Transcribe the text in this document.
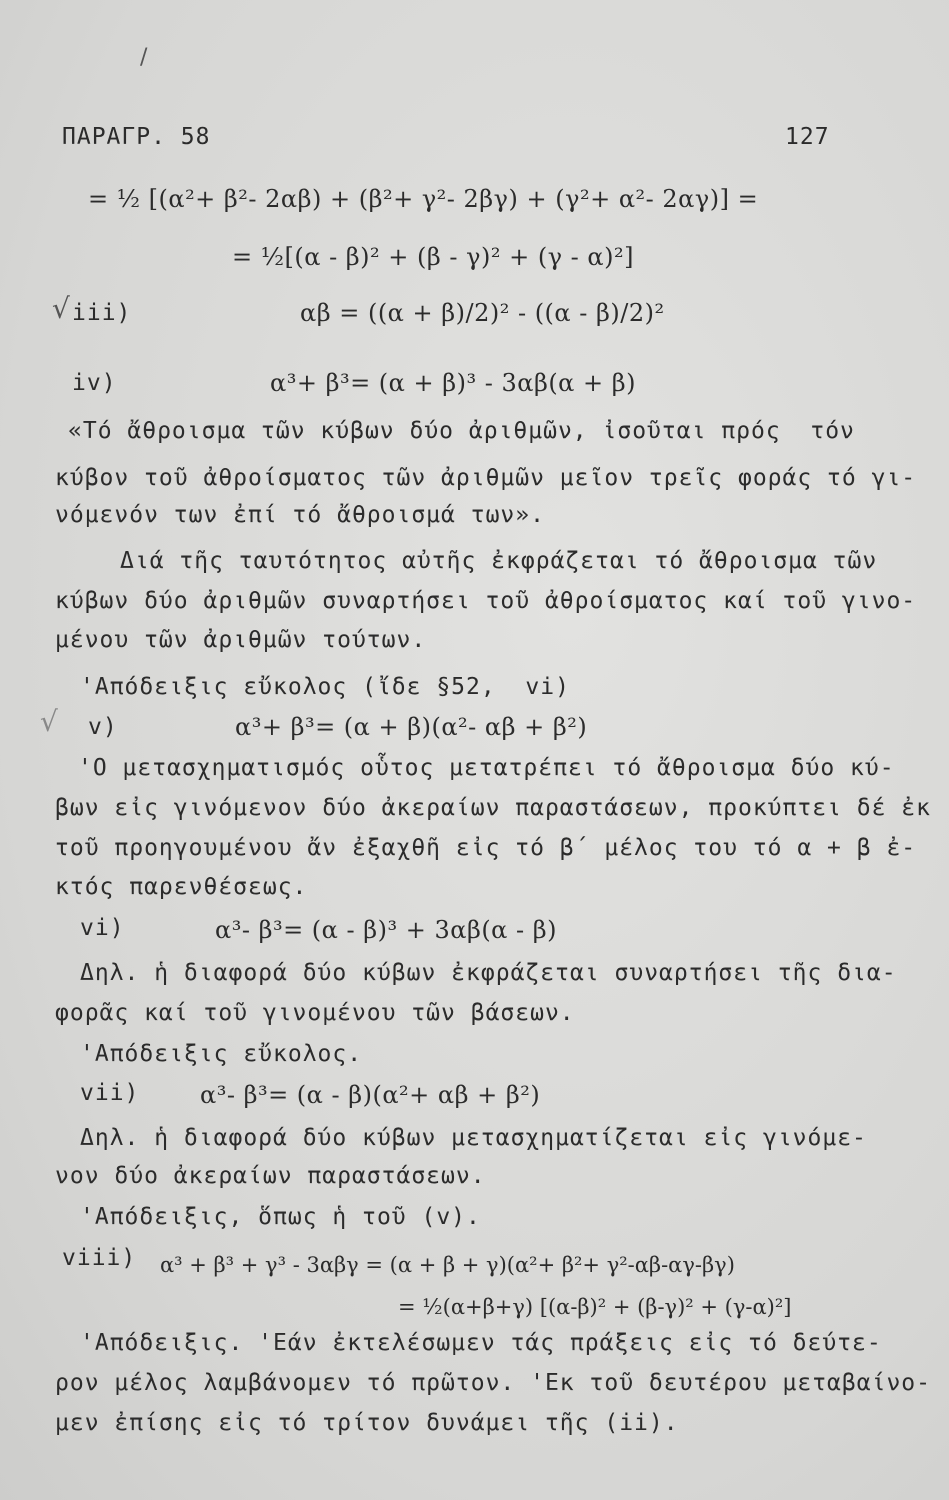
/
ΠΑΡΑΓΡ. 58	127
= ½ [(α²+ β²- 2αβ) + (β²+ γ²- 2βγ) + (γ²+ α²- 2αγ)] =
= ½[(α - β)² + (β - γ)² + (γ - α)²]
√ iii)	αβ = ((α + β)/2)² - ((α - β)/2)²
iv)	α³+ β³= (α + β)³ - 3αβ(α + β)
«Τό ἄθροισμα τῶν κύβων δύο ἀριθμῶν, ἰσοῦται πρός  τόν
κύβον τοῦ ἀθροίσματος τῶν ἀριθμῶν μεῖον τρεῖς φοράς τό γι-
νόμενόν των ἐπί τό ἄθροισμά των».
Διά τῆς ταυτότητος αὐτῆς ἐκφράζεται τό ἄθροισμα τῶν
κύβων δύο ἀριθμῶν συναρτήσει τοῦ ἀθροίσματος καί τοῦ γινο-
μένου τῶν ἀριθμῶν τούτων.
'Απόδειξις εὔκολος (ἴδε §52,  vi)
√ v)	α³+ β³= (α + β)(α²- αβ + β²)
'Ο μετασχηματισμός οὗτος μετατρέπει τό ἄθροισμα δύο κύ-
βων εἰς γινόμενον δύο ἀκεραίων παραστάσεων, προκύπτει δέ ἐκ
τοῦ προηγουμένου ἄν ἐξαχθῆ εἰς τό β΄ μέλος του τό α + β ἐ-
κτός παρενθέσεως.
vi)	α³- β³= (α - β)³ + 3αβ(α - β)
Δηλ. ἡ διαφορά δύο κύβων ἐκφράζεται συναρτήσει τῆς δια-
φορᾶς καί τοῦ γινομένου τῶν βάσεων.
'Απόδειξις εὔκολος.
vii)	α³- β³= (α - β)(α²+ αβ + β²)
Δηλ. ἡ διαφορά δύο κύβων μετασχηματίζεται εἰς γινόμε-
νον δύο ἀκεραίων παραστάσεων.
'Απόδειξις, ὅπως ἡ τοῦ (v).
viii) α³ + β³ + γ³ - 3αβγ = (α + β + γ)(α²+ β²+ γ²-αβ-αγ-βγ)
= ½(α+β+γ) [(α-β)² + (β-γ)² + (γ-α)²]
'Απόδειξις. 'Εάν ἐκτελέσωμεν τάς πράξεις εἰς τό δεύτε-
ρον μέλος λαμβάνομεν τό πρῶτον. 'Εκ τοῦ δευτέρου μεταβαίνο-
μεν ἐπίσης εἰς τό τρίτον δυνάμει τῆς (ii).
